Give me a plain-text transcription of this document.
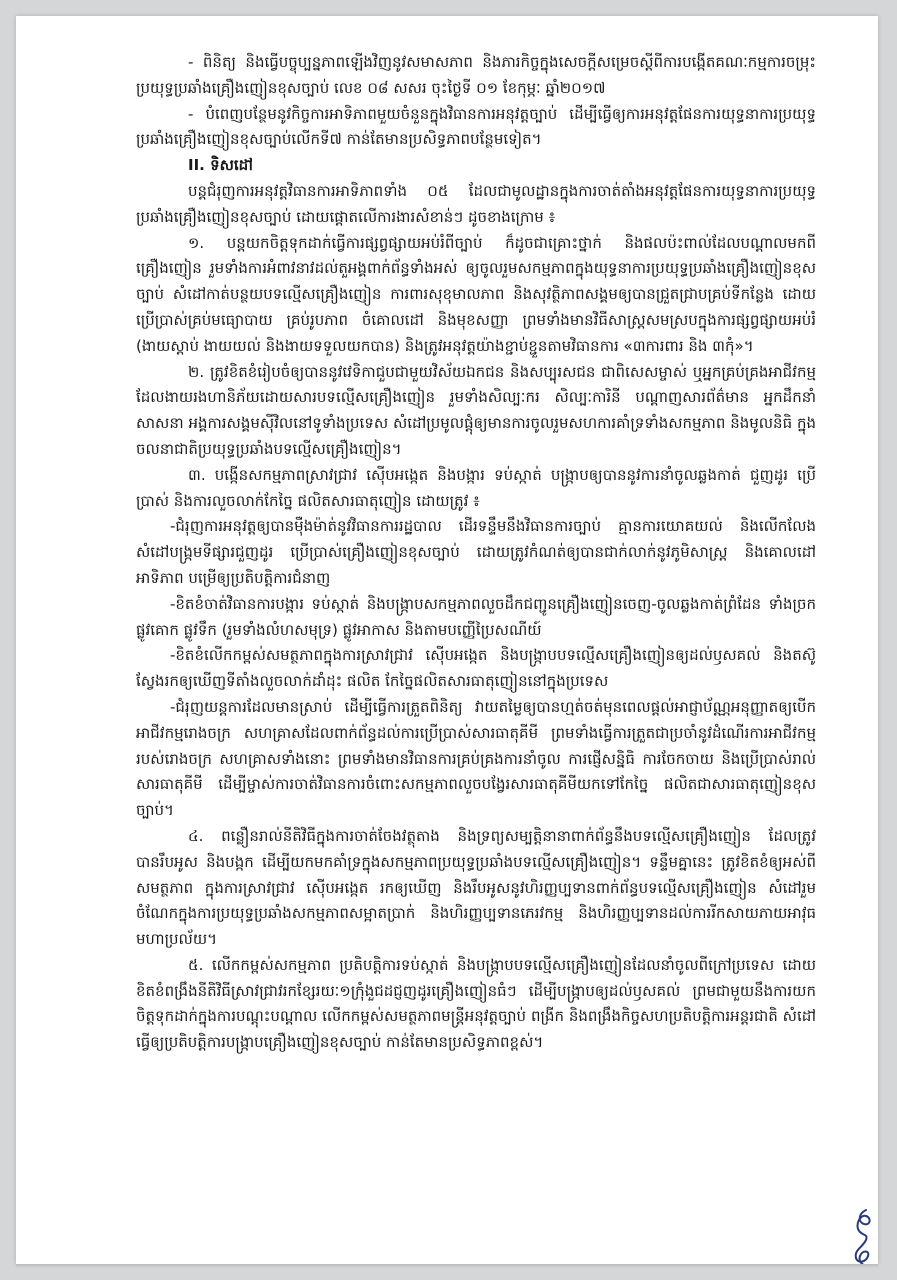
- ពិនិត្យ និងធ្វើបច្ចុប្បន្នភាពឡើងវិញនូវសមាសភាព និងភារកិច្ចក្នុងសេចក្តីសម្រេចស្តីពីការបង្កើតគណៈកម្មការចម្រុះប្រយុទ្ធប្រឆាំងគ្រឿងញៀនខុសច្បាប់ លេខ ០៨ សសរ ចុះថ្ងៃទី ០១ ខែកុម្ភៈ ឆ្នាំ២០១៧

- បំពេញបន្ថែមនូវកិច្ចការអាទិភាពមួយចំនួនក្នុងវិធានការអនុវត្តច្បាប់ ដើម្បីធ្វើឲ្យការអនុវត្តផែនការយុទ្ធនាការប្រយុទ្ធប្រឆាំងគ្រឿងញៀនខុសច្បាប់លើកទី៧ កាន់តែមានប្រសិទ្ធភាពបន្ថែមទៀត។

II. ទិសដៅ

បន្តជំរុញការអនុវត្តវិធានការអាទិភាពទាំង ០៥ ដែលជាមូលដ្ឋានក្នុងការចាត់តាំងអនុវត្តផែនការយុទ្ធនាការប្រយុទ្ធប្រឆាំងគ្រឿងញៀនខុសច្បាប់ ដោយផ្តោតលើការងារសំខាន់ៗ ដូចខាងក្រោម ៖

១. បន្តយកចិត្តទុកដាក់ធ្វើការផ្សព្វផ្សាយអប់រំពីច្បាប់ ក៏ដូចជាគ្រោះថ្នាក់ និងផលប៉ះពាល់ដែលបណ្តាលមកពីគ្រឿងញៀន រួមទាំងការអំពាវនាវដល់តួអង្គពាក់ព័ន្ធទាំងអស់ ឲ្យចូលរួមសកម្មភាពក្នុងយុទ្ធនាការប្រយុទ្ធប្រឆាំងគ្រឿងញៀនខុសច្បាប់ សំដៅកាត់បន្ថយបទល្មើសគ្រឿងញៀន ការពារសុខុមាលភាព និងសុវត្ថិភាពសង្គមឲ្យបានជ្រួតជ្រាបគ្រប់ទីកន្លែង ដោយប្រើប្រាស់គ្រប់មធ្យោបាយ គ្រប់រូបភាព ចំគោលដៅ និងមុខសញ្ញា ព្រមទាំងមានវិធីសាស្ត្រសមស្របក្នុងការផ្សព្វផ្សាយអប់រំ (ងាយស្តាប់ ងាយយល់ និងងាយទទួលយកបាន) និងត្រូវអនុវត្តយ៉ាងខ្ជាប់ខ្ជួនតាមវិធានការ «៣ការពារ និង ៣កុំ»។

២. ត្រូវខិតខំរៀបចំឲ្យបាននូវវេទិកាជួបជាមួយវិស័យឯកជន និងសប្បុរសជន ជាពិសេសម្ចាស់ ឬអ្នកគ្រប់គ្រងអាជីវកម្មដែលងាយរងហានិភ័យដោយសារបទល្មើសគ្រឿងញៀន រួមទាំងសិល្បៈករ សិល្បៈការិនី បណ្តាញសារព័ត៌មាន អ្នកដឹកនាំសាសនា អង្គការសង្គមស៊ីវិលនៅទូទាំងប្រទេស សំដៅប្រមូលផ្តុំឲ្យមានការចូលរួមសហការគាំទ្រទាំងសកម្មភាព និងមូលនិធិ ក្នុងចលនាជាតិប្រយុទ្ធប្រឆាំងបទល្មើសគ្រឿងញៀន។

៣. បង្កើនសកម្មភាពស្រាវជ្រាវ ស៊ើបអង្កេត និងបង្ការ ទប់ស្កាត់ បង្ក្រាបឲ្យបាននូវការនាំចូលឆ្លងកាត់ ជួញដូរ ប្រើប្រាស់ និងការលួចលាក់កែច្នៃ ផលិតសារធាតុញៀន ដោយត្រូវ ៖

-ជំរុញការអនុវត្តឲ្យបានម៉ឺងម៉ាត់នូវវិធានការរដ្ឋបាល ដើរទន្ទឹមនឹងវិធានការច្បាប់ គ្មានការយោគយល់ និងលើកលែង សំដៅបង្ក្រមទីផ្សារជួញដូរ ប្រើប្រាស់គ្រឿងញៀនខុសច្បាប់ ដោយត្រូវកំណត់ឲ្យបានជាក់លាក់នូវភូមិសាស្ត្រ និងគោលដៅអាទិភាព បម្រើឲ្យប្រតិបត្តិការជំនាញ

-ខិតខំចាត់វិធានការបង្ការ ទប់ស្កាត់ និងបង្ក្រាបសកម្មភាពលួចដឹកជញ្ជូនគ្រឿងញៀនចេញ-ចូលឆ្លងកាត់ព្រំដែន ទាំងច្រកផ្លូវគោក ផ្លូវទឹក (រួមទាំងលំហសមុទ្រ) ផ្លូវអាកាស និងតាមបញ្ញើប្រៃសណីយ៍

-ខិតខំលើកកម្ពស់សមត្ថភាពក្នុងការស្រាវជ្រាវ ស៊ើបអង្កេត និងបង្ក្រាបបទល្មើសគ្រឿងញៀនឲ្យដល់ឫសគល់ និងតស៊ូស្វែងរកឲ្យឃើញទីតាំងលួចលាក់ដាំដុះ ផលិត កែច្នៃផលិតសារធាតុញៀននៅក្នុងប្រទេស

-ជំរុញយន្តការដែលមានស្រាប់ ដើម្បីធ្វើការត្រួតពិនិត្យ វាយតម្លៃឲ្យបានហ្មត់ចត់មុនពេលផ្តល់អាជ្ញាប័ណ្ណអនុញ្ញាតឲ្យបើកអាជីវកម្មរោងចក្រ សហគ្រាសដែលពាក់ព័ន្ធដល់ការប្រើប្រាស់សារធាតុគីមី ព្រមទាំងធ្វើការត្រួតជាប្រចាំនូវដំណើរការអាជីវកម្មរបស់រោងចក្រ សហគ្រាសទាំងនោះ ព្រមទាំងមានវិធានការគ្រប់គ្រងការនាំចូល ការផ្ញើសន្និធិ ការចែកចាយ និងប្រើប្រាស់រាល់សារធាតុគីមី ដើម្បីម្ចាស់ការចាត់វិធានការចំពោះសកម្មភាពលួចបង្វែរសារធាតុគីមីយកទៅកែច្នៃ ផលិតជាសារធាតុញៀនខុសច្បាប់។

៤. ពន្លឿនរាល់នីតិវិធីក្នុងការចាត់ចែងវត្ថុតាង និងទ្រព្យសម្បត្តិនានាពាក់ព័ន្ធនឹងបទល្មើសគ្រឿងញៀន ដែលត្រូវបានរឹបអូស និងបង្កក ដើម្បីយកមកគាំទ្រក្នុងសកម្មភាពប្រយុទ្ធប្រឆាំងបទល្មើសគ្រឿងញៀន។ ទន្ទឹមគ្នានេះ ត្រូវខិតខំឲ្យអស់ពីសមត្ថភាព ក្នុងការស្រាវជ្រាវ ស៊ើបអង្កេត រកឲ្យឃើញ និងរឹបអូសនូវហិរញ្ញប្បទានពាក់ព័ន្ធបទល្មើសគ្រឿងញៀន សំដៅរួមចំណែកក្នុងការប្រយុទ្ធប្រឆាំងសកម្មភាពសម្អាតប្រាក់ និងហិរញ្ញប្បទានភេរវកម្ម និងហិរញ្ញប្បទានដល់ការរីកសាយភាយអាវុធមហាប្រល័យ។

៥. លើកកម្ពស់សកម្មភាព ប្រតិបត្តិការទប់ស្កាត់ និងបង្ក្រាបបទល្មើសគ្រឿងញៀនដែលនាំចូលពីក្រៅប្រទេស ដោយខិតខំពង្រឹងនីតិវិធីស្រាវជ្រាវរកខ្សែរយៈ១ក្រុំងួជដជ្ញញដូរគ្រឿងញៀនធំៗ ដើម្បីបង្ក្រាបឲ្យដល់ឫសគល់ ព្រមជាមួយនឹងការយកចិត្តទុកដាក់ក្នុងការបណ្តុះបណ្តាល លើកកម្ពស់សមត្ថភាពមន្ត្រីអនុវត្តច្បាប់ ពង្រីក និងពង្រឹងកិច្ចសហប្រតិបត្តិការអន្តរជាតិ សំដៅធ្វើឲ្យប្រតិបត្តិការបង្ក្រាបគ្រឿងញៀនខុសច្បាប់ កាន់តែមានប្រសិទ្ធភាពខ្ពស់។
